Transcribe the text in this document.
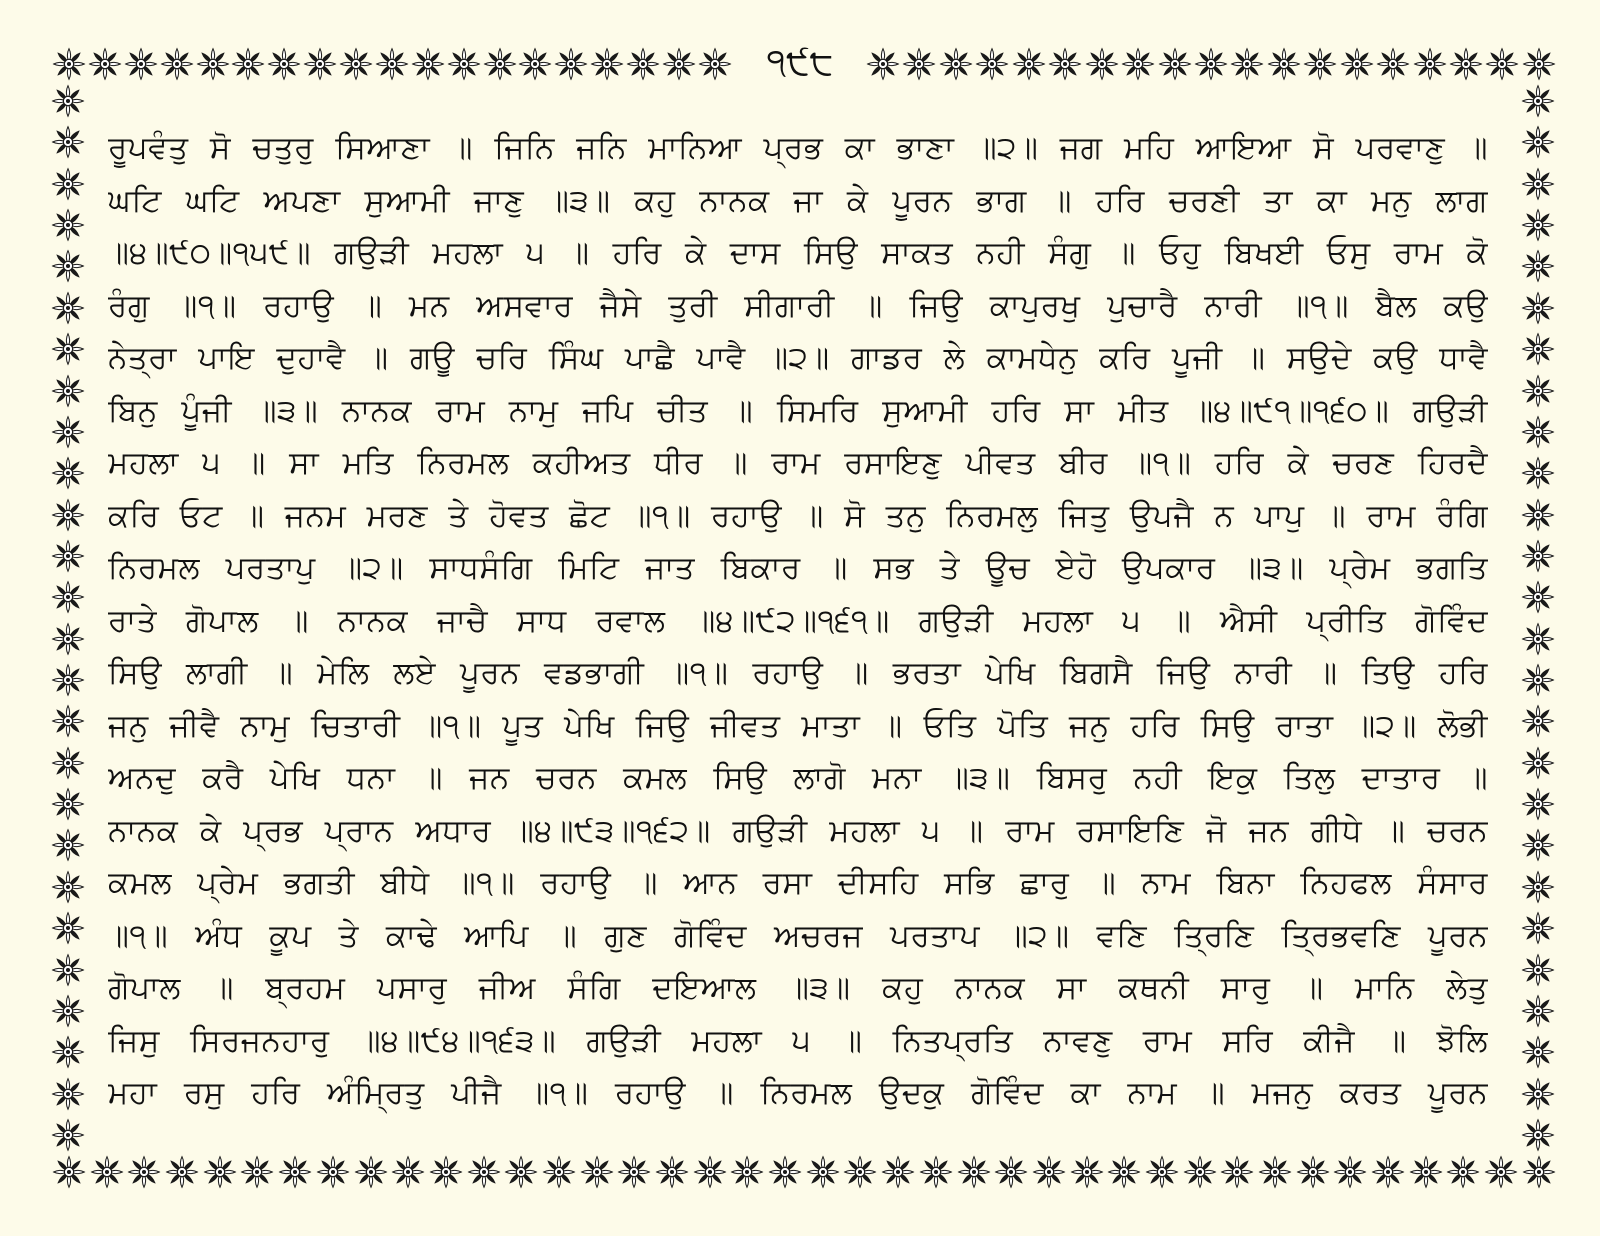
੧੯੮
ਰੂਪਵੰਤੁ ਸੋ ਚਤੁਰੁ ਸਿਆਣਾ ॥ ਜਿਨਿ ਜਨਿ ਮਾਨਿਆ ਪ੍ਰਭ ਕਾ ਭਾਣਾ ॥੨॥ ਜਗ ਮਹਿ ਆਇਆ ਸੋ ਪਰਵਾਣੁ ॥
ਘਟਿ ਘਟਿ ਅਪਣਾ ਸੁਆਮੀ ਜਾਣੁ ॥੩॥ ਕਹੁ ਨਾਨਕ ਜਾ ਕੇ ਪੂਰਨ ਭਾਗ ॥ ਹਰਿ ਚਰਣੀ ਤਾ ਕਾ ਮਨੁ ਲਾਗ
॥੪॥੯੦॥੧੫੯॥ ਗਉੜੀ ਮਹਲਾ ੫ ॥ ਹਰਿ ਕੇ ਦਾਸ ਸਿਉ ਸਾਕਤ ਨਹੀ ਸੰਗੁ ॥ ਓਹੁ ਬਿਖਈ ਓਸੁ ਰਾਮ ਕੋ
ਰੰਗੁ ॥੧॥ ਰਹਾਉ ॥ ਮਨ ਅਸਵਾਰ ਜੈਸੇ ਤੁਰੀ ਸੀਗਾਰੀ ॥ ਜਿਉ ਕਾਪੁਰਖੁ ਪੁਚਾਰੈ ਨਾਰੀ ॥੧॥ ਬੈਲ ਕਉ
ਨੇਤ੍ਰਾ ਪਾਇ ਦੁਹਾਵੈ ॥ ਗਊ ਚਰਿ ਸਿੰਘ ਪਾਛੈ ਪਾਵੈ ॥੨॥ ਗਾਡਰ ਲੇ ਕਾਮਧੇਨੁ ਕਰਿ ਪੂਜੀ ॥ ਸਉਦੇ ਕਉ ਧਾਵੈ
ਬਿਨੁ ਪੂੰਜੀ ॥੩॥ ਨਾਨਕ ਰਾਮ ਨਾਮੁ ਜਪਿ ਚੀਤ ॥ ਸਿਮਰਿ ਸੁਆਮੀ ਹਰਿ ਸਾ ਮੀਤ ॥੪॥੯੧॥੧੬੦॥ ਗਉੜੀ
ਮਹਲਾ ੫ ॥ ਸਾ ਮਤਿ ਨਿਰਮਲ ਕਹੀਅਤ ਧੀਰ ॥ ਰਾਮ ਰਸਾਇਣੁ ਪੀਵਤ ਬੀਰ ॥੧॥ ਹਰਿ ਕੇ ਚਰਣ ਹਿਰਦੈ
ਕਰਿ ਓਟ ॥ ਜਨਮ ਮਰਣ ਤੇ ਹੋਵਤ ਛੋਟ ॥੧॥ ਰਹਾਉ ॥ ਸੋ ਤਨੁ ਨਿਰਮਲੁ ਜਿਤੁ ਉਪਜੈ ਨ ਪਾਪੁ ॥ ਰਾਮ ਰੰਗਿ
ਨਿਰਮਲ ਪਰਤਾਪੁ ॥੨॥ ਸਾਧਸੰਗਿ ਮਿਟਿ ਜਾਤ ਬਿਕਾਰ ॥ ਸਭ ਤੇ ਊਚ ਏਹੋ ਉਪਕਾਰ ॥੩॥ ਪ੍ਰੇਮ ਭਗਤਿ
ਰਾਤੇ ਗੋਪਾਲ ॥ ਨਾਨਕ ਜਾਚੈ ਸਾਧ ਰਵਾਲ ॥੪॥੯੨॥੧੬੧॥ ਗਉੜੀ ਮਹਲਾ ੫ ॥ ਐਸੀ ਪ੍ਰੀਤਿ ਗੋਵਿੰਦ
ਸਿਉ ਲਾਗੀ ॥ ਮੇਲਿ ਲਏ ਪੂਰਨ ਵਡਭਾਗੀ ॥੧॥ ਰਹਾਉ ॥ ਭਰਤਾ ਪੇਖਿ ਬਿਗਸੈ ਜਿਉ ਨਾਰੀ ॥ ਤਿਉ ਹਰਿ
ਜਨੁ ਜੀਵੈ ਨਾਮੁ ਚਿਤਾਰੀ ॥੧॥ ਪੂਤ ਪੇਖਿ ਜਿਉ ਜੀਵਤ ਮਾਤਾ ॥ ਓਤਿ ਪੋਤਿ ਜਨੁ ਹਰਿ ਸਿਉ ਰਾਤਾ ॥੨॥ ਲੋਭੀ
ਅਨਦੁ ਕਰੈ ਪੇਖਿ ਧਨਾ ॥ ਜਨ ਚਰਨ ਕਮਲ ਸਿਉ ਲਾਗੋ ਮਨਾ ॥੩॥ ਬਿਸਰੁ ਨਹੀ ਇਕੁ ਤਿਲੁ ਦਾਤਾਰ ॥
ਨਾਨਕ ਕੇ ਪ੍ਰਭ ਪ੍ਰਾਨ ਅਧਾਰ ॥੪॥੯੩॥੧੬੨॥ ਗਉੜੀ ਮਹਲਾ ੫ ॥ ਰਾਮ ਰਸਾਇਣਿ ਜੋ ਜਨ ਗੀਧੇ ॥ ਚਰਨ
ਕਮਲ ਪ੍ਰੇਮ ਭਗਤੀ ਬੀਧੇ ॥੧॥ ਰਹਾਉ ॥ ਆਨ ਰਸਾ ਦੀਸਹਿ ਸਭਿ ਛਾਰੁ ॥ ਨਾਮ ਬਿਨਾ ਨਿਹਫਲ ਸੰਸਾਰ
॥੧॥ ਅੰਧ ਕੂਪ ਤੇ ਕਾਢੇ ਆਪਿ ॥ ਗੁਣ ਗੋਵਿੰਦ ਅਚਰਜ ਪਰਤਾਪ ॥੨॥ ਵਣਿ ਤ੍ਰਿਣਿ ਤ੍ਰਿਭਵਣਿ ਪੂਰਨ
ਗੋਪਾਲ ॥ ਬ੍ਰਹਮ ਪਸਾਰੁ ਜੀਅ ਸੰਗਿ ਦਇਆਲ ॥੩॥ ਕਹੁ ਨਾਨਕ ਸਾ ਕਥਨੀ ਸਾਰੁ ॥ ਮਾਨਿ ਲੇਤੁ
ਜਿਸੁ ਸਿਰਜਨਹਾਰੁ ॥੪॥੯੪॥੧੬੩॥ ਗਉੜੀ ਮਹਲਾ ੫ ॥ ਨਿਤਪ੍ਰਤਿ ਨਾਵਣੁ ਰਾਮ ਸਰਿ ਕੀਜੈ ॥ ਝੋਲਿ
ਮਹਾ ਰਸੁ ਹਰਿ ਅੰਮ੍ਰਿਤੁ ਪੀਜੈ ॥੧॥ ਰਹਾਉ ॥ ਨਿਰਮਲ ਉਦਕੁ ਗੋਵਿੰਦ ਕਾ ਨਾਮ ॥ ਮਜਨੁ ਕਰਤ ਪੂਰਨ
